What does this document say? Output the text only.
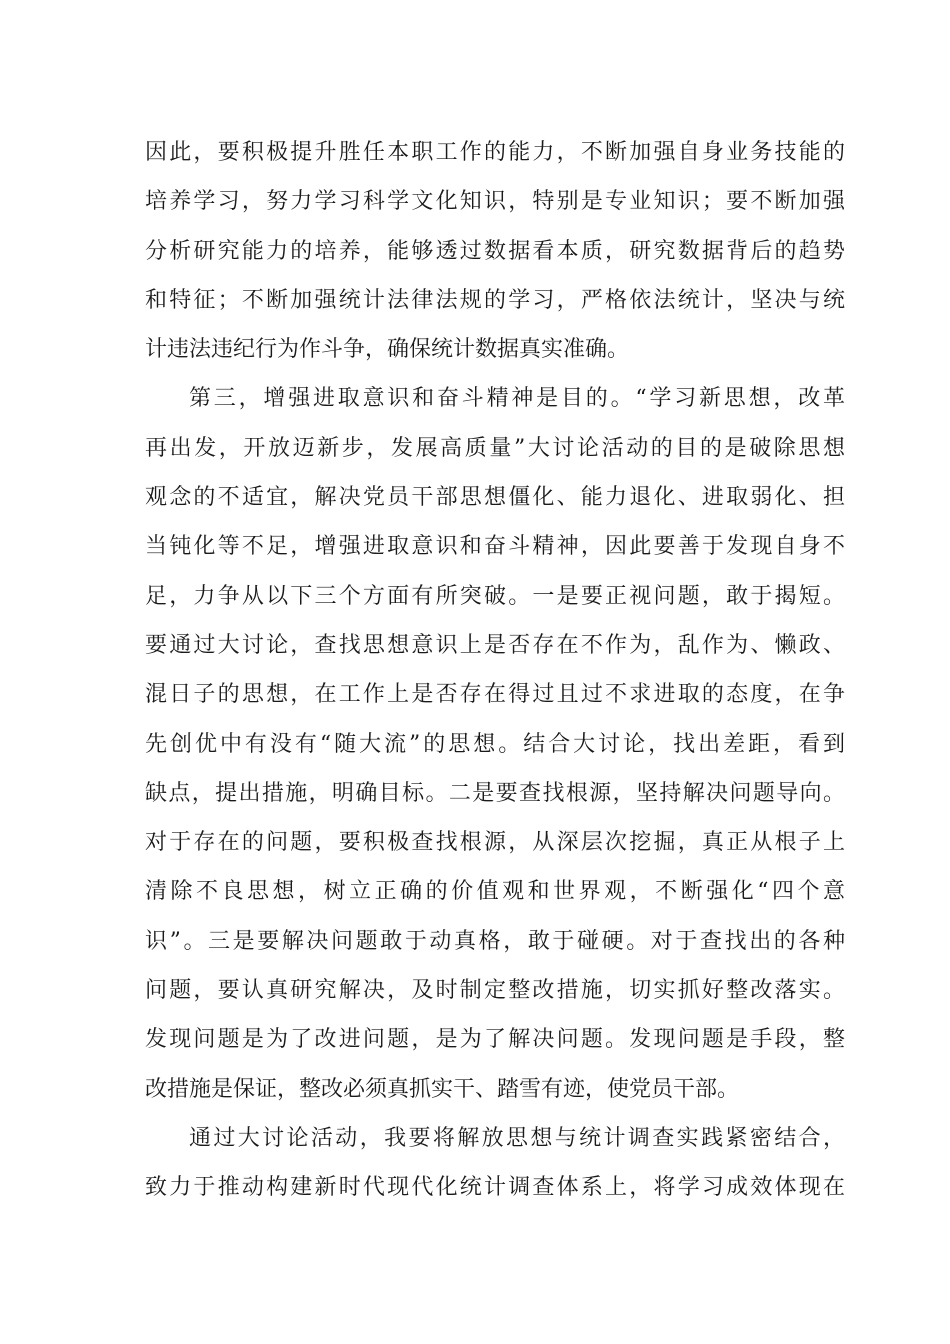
因此，要积极提升胜任本职工作的能力，不断加强自身业务技能的
培养学习，努力学习科学文化知识，特别是专业知识；要不断加强
分析研究能力的培养，能够透过数据看本质，研究数据背后的趋势
和特征；不断加强统计法律法规的学习，严格依法统计，坚决与统
计违法违纪行为作斗争，确保统计数据真实准确。
第三，增强进取意识和奋斗精神是目的。“学习新思想，改革
再出发，开放迈新步，发展高质量”大讨论活动的目的是破除思想
观念的不适宜，解决党员干部思想僵化、能力退化、进取弱化、担
当钝化等不足，增强进取意识和奋斗精神，因此要善于发现自身不
足，力争从以下三个方面有所突破。一是要正视问题，敢于揭短。
要通过大讨论，查找思想意识上是否存在不作为，乱作为、懒政、
混日子的思想，在工作上是否存在得过且过不求进取的态度，在争
先创优中有没有“随大流”的思想。结合大讨论，找出差距，看到
缺点，提出措施，明确目标。二是要查找根源，坚持解决问题导向。
对于存在的问题，要积极查找根源，从深层次挖掘，真正从根子上
清除不良思想，树立正确的价值观和世界观，不断强化“四个意
识”。三是要解决问题敢于动真格，敢于碰硬。对于查找出的各种
问题，要认真研究解决，及时制定整改措施，切实抓好整改落实。
发现问题是为了改进问题，是为了解决问题。发现问题是手段，整
改措施是保证，整改必须真抓实干、踏雪有迹，使党员干部。
通过大讨论活动，我要将解放思想与统计调查实践紧密结合，
致力于推动构建新时代现代化统计调查体系上，将学习成效体现在
